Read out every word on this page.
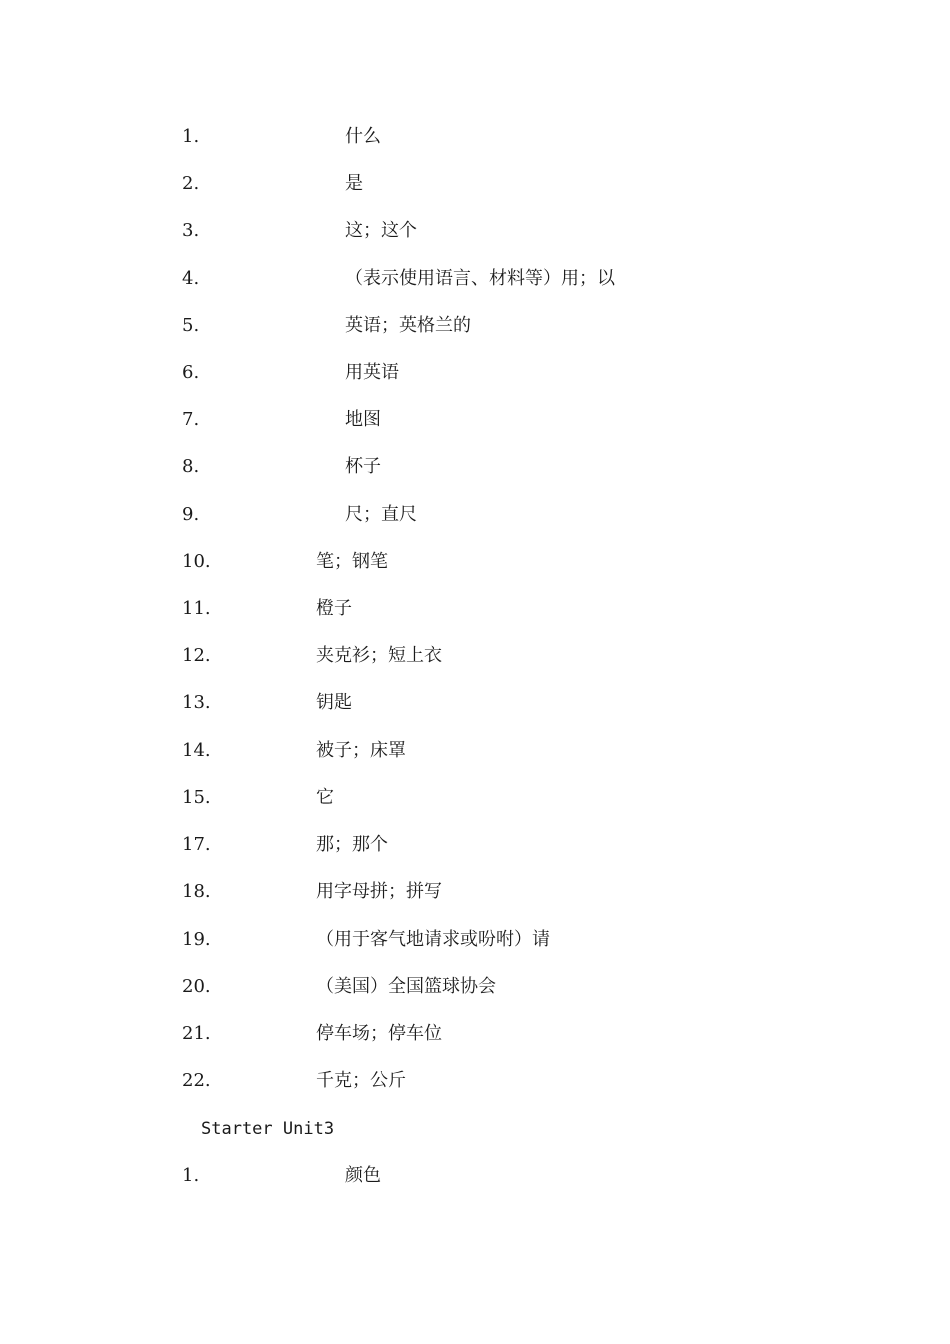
1.	什么
2.	是
3.	这；这个
4.	（表示使用语言、材料等）用；以
5.	英语；英格兰的
6.	用英语
7.	地图
8.	杯子
9.	尺；直尺
10.	笔；钢笔
11.	橙子
12.	夹克衫；短上衣
13.	钥匙
14.	被子；床罩
15.	它
17.	那；那个
18.	用字母拼；拼写
19.	（用于客气地请求或吩咐）请
20.	（美国）全国篮球协会
21.	停车场；停车位
22.	千克；公斤
Starter Unit3
1.	颜色
